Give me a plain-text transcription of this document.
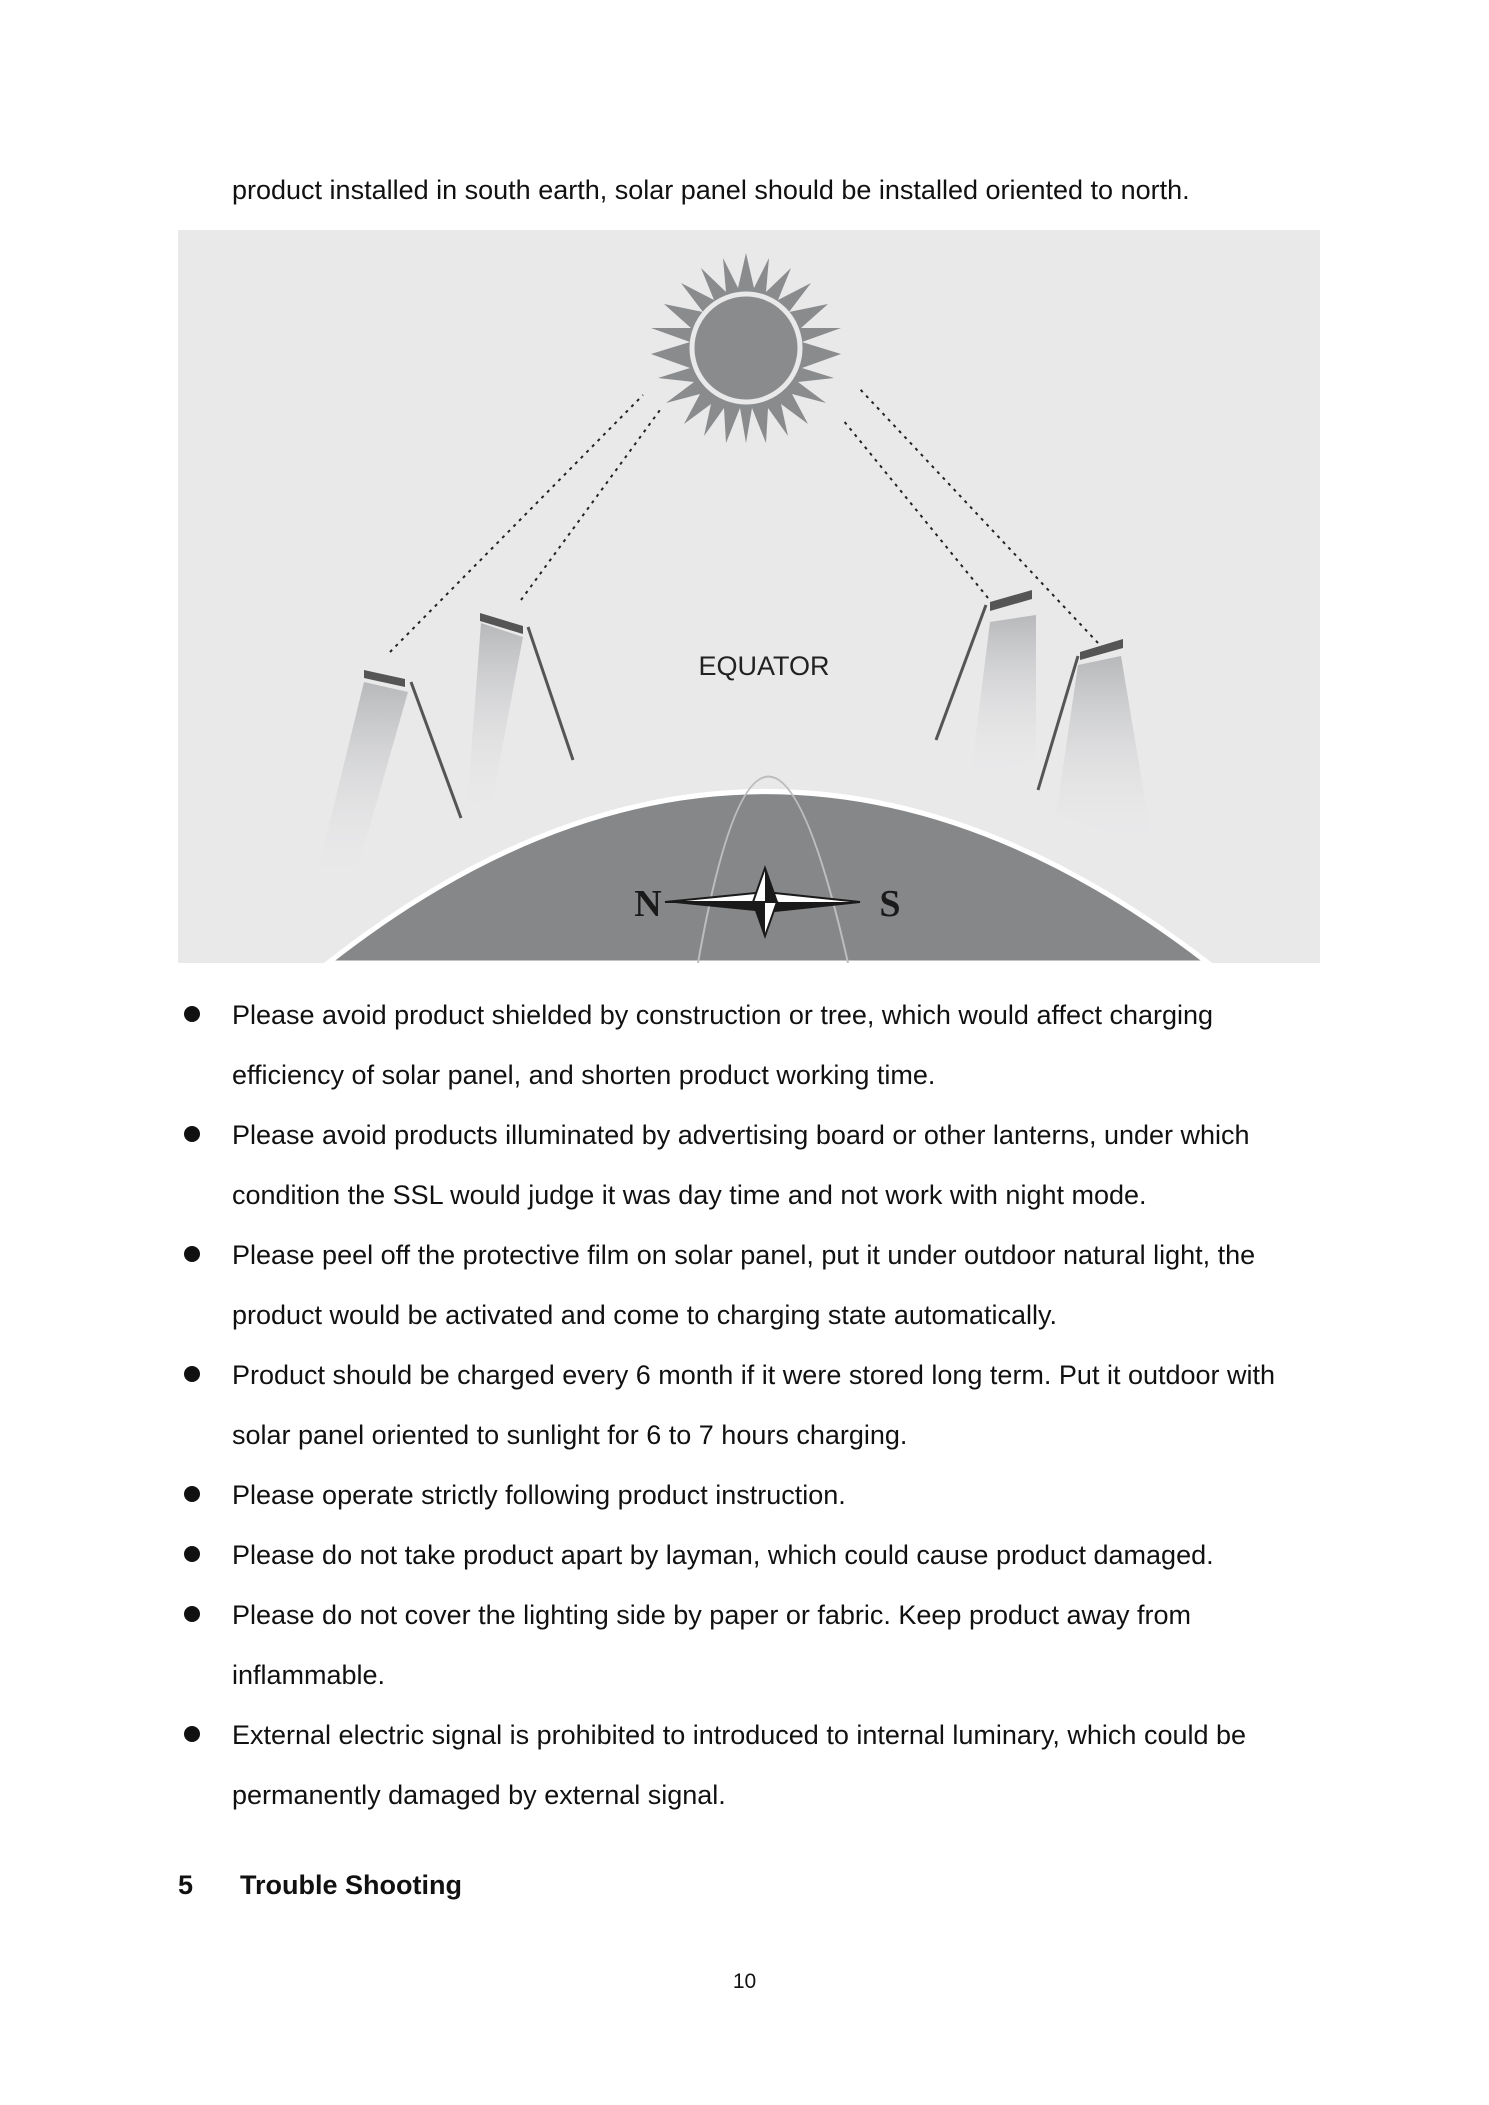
product installed in south earth, solar panel should be installed oriented to north.
EQUATOR
N	S
Please avoid product shielded by construction or tree, which would affect charging efficiency of solar panel, and shorten product working time.
Please avoid products illuminated by advertising board or other lanterns, under which condition the SSL would judge it was day time and not work with night mode.
Please peel off the protective film on solar panel, put it under outdoor natural light, the product would be activated and come to charging state automatically.
Product should be charged every 6 month if it were stored long term. Put it outdoor with solar panel oriented to sunlight for 6 to 7 hours charging.
Please operate strictly following product instruction.
Please do not take product apart by layman, which could cause product damaged.
Please do not cover the lighting side by paper or fabric. Keep product away from inflammable.
External electric signal is prohibited to introduced to internal luminary, which could be permanently damaged by external signal.
5 Trouble Shooting
10
